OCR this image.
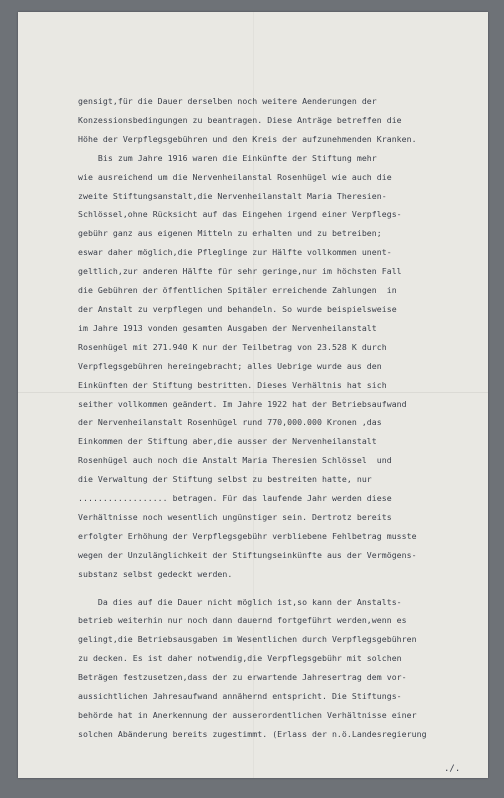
gensigt,für die Dauer derselben noch weitere Aenderungen der
Konzessionsbedingungen zu beantragen. Diese Anträge betreffen die
Höhe der Verpflegsgebühren und den Kreis der aufzunehmenden Kranken.
Bis zum Jahre 1916 waren die Einkünfte der Stiftung mehr
wie ausreichend um die Nervenheilanstal Rosenhügel wie auch die
zweite Stiftungsanstalt,die Nervenheilanstalt Maria Theresien-
Schlössel,ohne Rücksicht auf das Eingehen irgend einer Verpflegs-
gebühr ganz aus eigenen Mitteln zu erhalten und zu betreiben;
eswar daher möglich,die Pfleglinge zur Hälfte vollkommen unent-
geltlich,zur anderen Hälfte für sehr geringe,nur im höchsten Fall
die Gebühren der öffentlichen Spitäler erreichende Zahlungen  in
der Anstalt zu verpflegen und behandeln. So wurde beispielsweise
im Jahre 1913 vonden gesamten Ausgaben der Nervenheilanstalt
Rosenhügel mit 271.940 K nur der Teilbetrag von 23.528 K durch
Verpflegsgebühren hereingebracht; alles Uebrige wurde aus den
Einkünften der Stiftung bestritten. Dieses Verhältnis hat sich
seither vollkommen geändert. Im Jahre 1922 hat der Betriebsaufwand
der Nervenheilanstalt Rosenhügel rund 770,000.000 Kronen ,das
Einkommen der Stiftung aber,die ausser der Nervenheilanstalt
Rosenhügel auch noch die Anstalt Maria Theresien Schlössel  und
die Verwaltung der Stiftung selbst zu bestreiten hatte, nur
.................. betragen. Für das laufende Jahr werden diese
Verhältnisse noch wesentlich ungünstiger sein. Dertrotz bereits
erfolgter Erhöhung der Verpflegsgebühr verbliebene Fehlbetrag musste
wegen der Unzulänglichkeit der Stiftungseinkünfte aus der Vermögens-
substanz selbst gedeckt werden.
Da dies auf die Dauer nicht möglich ist,so kann der Anstalts-
betrieb weiterhin nur noch dann dauernd fortgeführt werden,wenn es
gelingt,die Betriebsausgaben im Wesentlichen durch Verpflegsgebühren
zu decken. Es ist daher notwendig,die Verpflegsgebühr mit solchen
Beträgen festzusetzen,dass der zu erwartende Jahresertrag dem vor-
aussichtlichen Jahresaufwand annähernd entspricht. Die Stiftungs-
behörde hat in Anerkennung der ausserordentlichen Verhältnisse einer
solchen Abänderung bereits zugestimmt. (Erlass der n.ö.Landesregierung
./.
